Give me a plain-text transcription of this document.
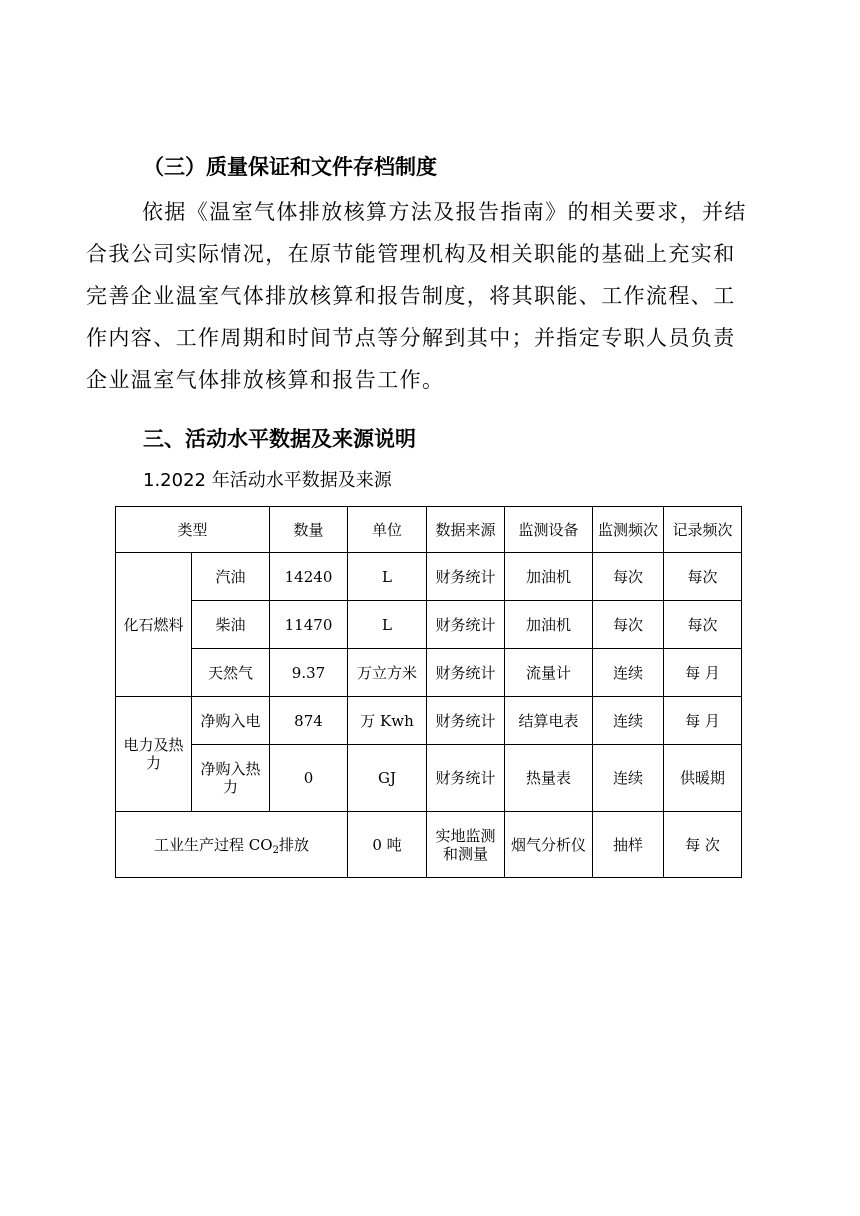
（三）质量保证和文件存档制度

依据《温室气体排放核算方法及报告指南》的相关要求，并结

合我公司实际情况，在原节能管理机构及相关职能的基础上充实和

完善企业温室气体排放核算和报告制度，将其职能、工作流程、工

作内容、工作周期和时间节点等分解到其中；并指定专职人员负责

企业温室气体排放核算和报告工作。

三、活动水平数据及来源说明
1.2022 年活动水平数据及来源
类型		数量	单位	数据来源	监测设备	监测频次	记录频次
化石燃料	汽油	14240	L	财务统计	加油机	每次	每次
	柴油	11470	L	财务统计	加油机	每次	每次
	天然气	9.37	万立方米	财务统计	流量计	连续	每 月
电力及热力	净购入电	874	万 Kwh	财务统计	结算电表	连续	每 月
	净购入热力	0	GJ	财务统计	热量表	连续	供暖期
工业生产过程 $CO_2$排放			0 吨	实地监测和测量	烟气分析仪	抽样	每 次
